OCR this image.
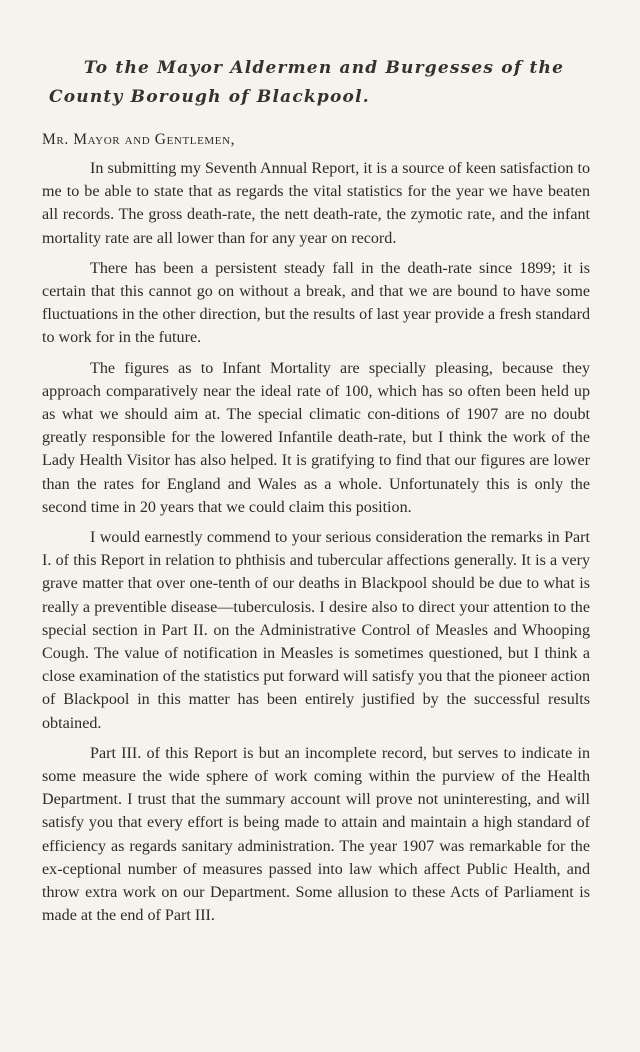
To the Mayor Aldermen and Burgesses of the
County Borough of Blackpool.
Mr. Mayor and Gentlemen,

In submitting my Seventh Annual Report, it is a source of keen satisfaction to me to be able to state that as regards the vital statistics for the year we have beaten all records. The gross death-rate, the nett death-rate, the zymotic rate, and the infant mortality rate are all lower than for any year on record.

There has been a persistent steady fall in the death-rate since 1899; it is certain that this cannot go on without a break, and that we are bound to have some fluctuations in the other direction, but the results of last year provide a fresh standard to work for in the future.

The figures as to Infant Mortality are specially pleasing, because they approach comparatively near the ideal rate of 100, which has so often been held up as what we should aim at. The special climatic con-ditions of 1907 are no doubt greatly responsible for the lowered Infantile death-rate, but I think the work of the Lady Health Visitor has also helped. It is gratifying to find that our figures are lower than the rates for England and Wales as a whole. Unfortunately this is only the second time in 20 years that we could claim this position.

I would earnestly commend to your serious consideration the remarks in Part I. of this Report in relation to phthisis and tubercular affections generally. It is a very grave matter that over one-tenth of our deaths in Blackpool should be due to what is really a preventible disease—tuberculosis. I desire also to direct your attention to the special section in Part II. on the Administrative Control of Measles and Whooping Cough. The value of notification in Measles is sometimes questioned, but I think a close examination of the statistics put forward will satisfy you that the pioneer action of Blackpool in this matter has been entirely justified by the successful results obtained.

Part III. of this Report is but an incomplete record, but serves to indicate in some measure the wide sphere of work coming within the purview of the Health Department. I trust that the summary account will prove not uninteresting, and will satisfy you that every effort is being made to attain and maintain a high standard of efficiency as regards sanitary administration. The year 1907 was remarkable for the ex-ceptional number of measures passed into law which affect Public Health, and throw extra work on our Department. Some allusion to these Acts of Parliament is made at the end of Part III.
